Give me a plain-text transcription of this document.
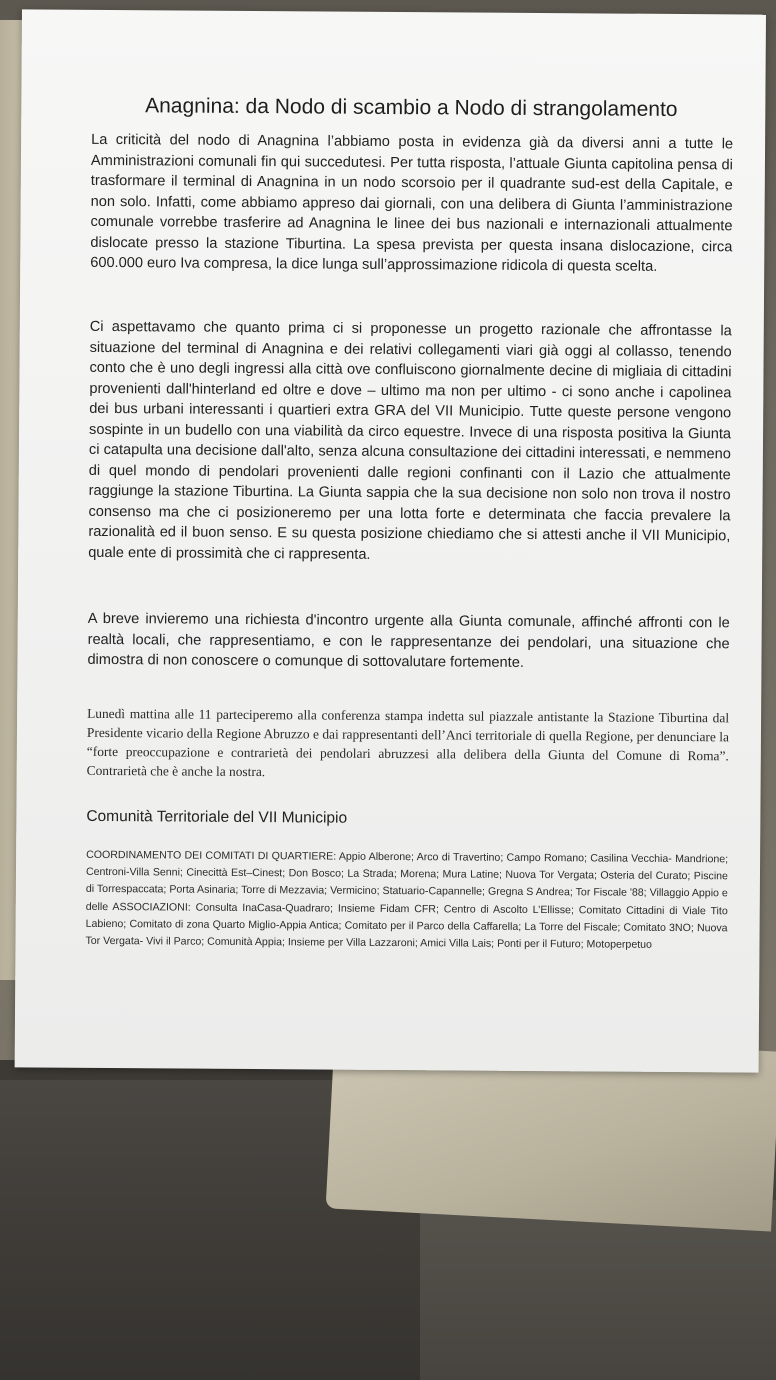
Anagnina: da Nodo di scambio a Nodo di strangolamento
La criticità del nodo di Anagnina l’abbiamo posta in evidenza già da diversi anni a tutte le Amministrazioni comunali fin qui succedutesi. Per tutta risposta, l’attuale Giunta capitolina pensa di trasformare il terminal di Anagnina in un nodo scorsoio per il quadrante sud-est della Capitale, e non solo. Infatti, come abbiamo appreso dai giornali, con una delibera di Giunta l’amministrazione comunale vorrebbe trasferire ad Anagnina le linee dei bus nazionali e internazionali attualmente dislocate presso la stazione Tiburtina. La spesa prevista per questa insana dislocazione, circa 600.000 euro Iva compresa, la dice lunga sull’approssimazione ridicola di questa scelta.
Ci aspettavamo che quanto prima ci si proponesse un progetto razionale che affrontasse la situazione del terminal di Anagnina e dei relativi collegamenti viari già oggi al collasso, tenendo conto che è uno degli ingressi alla città ove confluiscono giornalmente decine di migliaia di cittadini provenienti dall'hinterland ed oltre e dove – ultimo ma non per ultimo - ci sono anche i capolinea dei bus urbani interessanti i quartieri extra GRA del VII Municipio. Tutte queste persone vengono sospinte in un budello con una viabilità da circo equestre. Invece di una risposta positiva la Giunta ci catapulta una decisione dall'alto, senza alcuna consultazione dei cittadini interessati, e nemmeno di quel mondo di pendolari provenienti dalle regioni confinanti con il Lazio che attualmente raggiunge la stazione Tiburtina. La Giunta sappia che la sua decisione non solo non trova il nostro consenso ma che ci posizioneremo per una lotta forte e determinata che faccia prevalere la razionalità ed il buon senso. E su questa posizione chiediamo che si attesti anche il VII Municipio, quale ente di prossimità che ci rappresenta.
A breve invieremo una richiesta d'incontro urgente alla Giunta comunale, affinché affronti con le realtà locali, che rappresentiamo, e con le rappresentanze dei pendolari, una situazione che dimostra di non conoscere o comunque di sottovalutare fortemente.
Lunedì mattina alle 11 parteciperemo alla conferenza stampa indetta sul piazzale antistante la Stazione Tiburtina dal Presidente vicario della Regione Abruzzo e dai rappresentanti dell’Anci territoriale di quella Regione, per denunciare la “forte preoccupazione e contrarietà dei pendolari abruzzesi alla delibera della Giunta del Comune di Roma”. Contrarietà che è anche la nostra.
Comunità Territoriale del VII Municipio
COORDINAMENTO DEI COMITATI DI QUARTIERE: Appio Alberone; Arco di Travertino; Campo Romano; Casilina Vecchia- Mandrione; Centroni-Villa Senni; Cinecittà Est–Cinest; Don Bosco; La Strada; Morena; Mura Latine; Nuova Tor Vergata; Osteria del Curato; Piscine di Torrespaccata; Porta Asinaria; Torre di Mezzavia; Vermicino; Statuario-Capannelle; Gregna S Andrea; Tor Fiscale '88; Villaggio Appio e delle ASSOCIAZIONI: Consulta InaCasa-Quadraro; Insieme Fidam CFR; Centro di Ascolto L’Ellisse; Comitato Cittadini di Viale Tito Labieno; Comitato di zona Quarto Miglio-Appia Antica; Comitato per il Parco della Caffarella; La Torre del Fiscale; Comitato 3NO; Nuova Tor Vergata- Vivi il Parco; Comunità Appia; Insieme per Villa Lazzaroni; Amici Villa Lais; Ponti per il Futuro; Motoperpetuo
